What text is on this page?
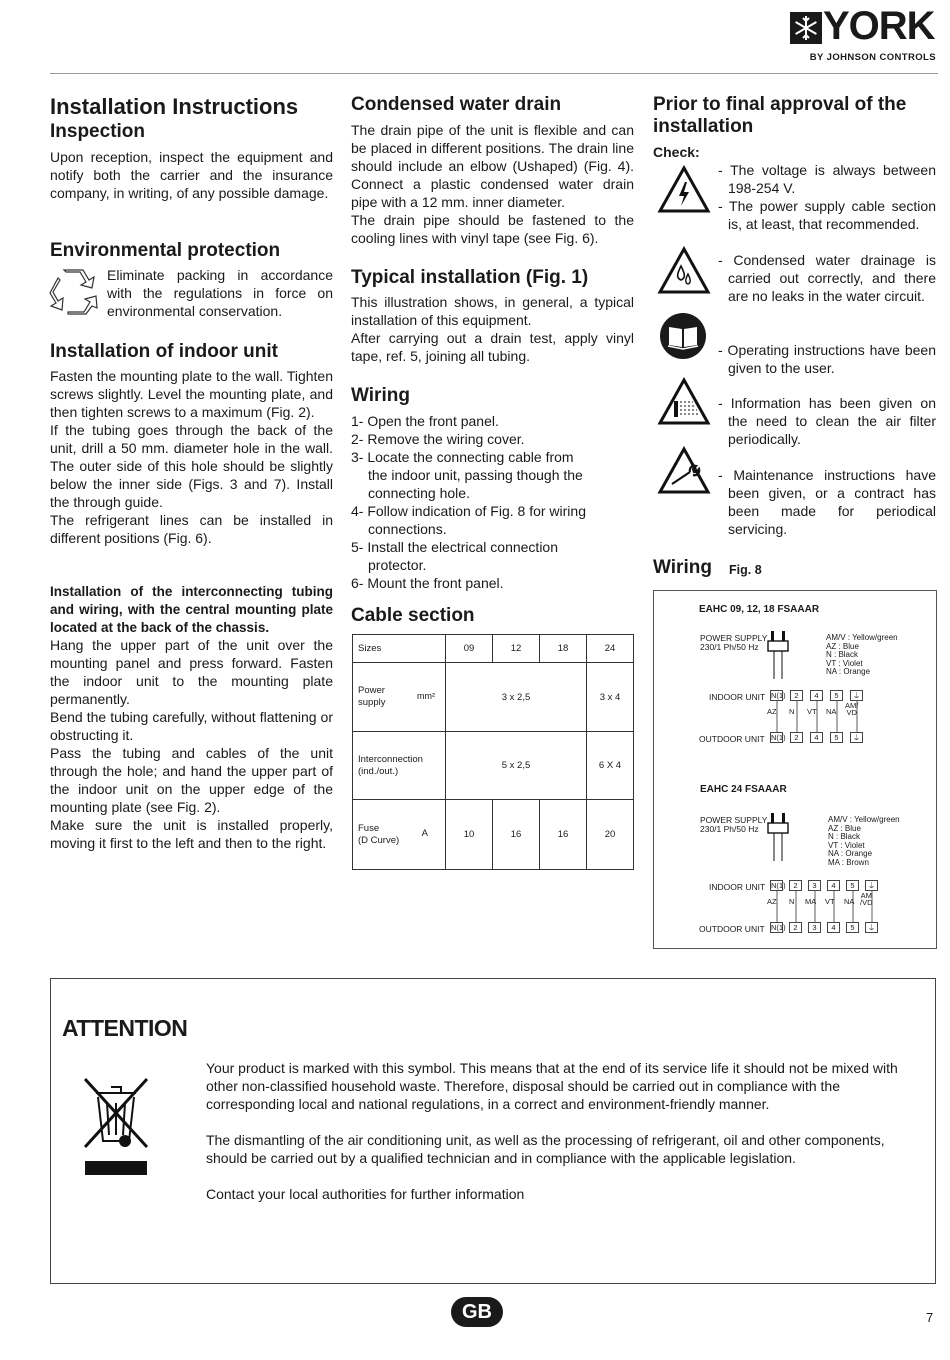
YORK
BY JOHNSON CONTROLS
Installation Instructions
Inspection
Upon reception, inspect the equipment and notify both the carrier and the insurance company, in writing, of any possible damage.
Environmental protection
Eliminate packing in accordance with the regulations in force on environmental conservation.
Installation of indoor unit
Fasten the mounting plate to the wall. Tighten screws slightly. Level the mounting plate, and then tighten screws to a maximum (Fig. 2).
If the tubing goes through the back of the unit, drill a 50 mm. diameter hole in the wall. The outer side of this hole should be slightly below the inner side (Figs. 3 and 7). Install the through guide.
The refrigerant lines can be installed in different positions (Fig. 6).
Installation of the interconnecting tubing and wiring, with the central mounting plate located at the back of the chassis.
Hang the upper part of the unit over the mounting panel and press forward. Fasten the indoor unit to the mounting plate permanently.
Bend the tubing carefully, without flattening or obstructing it.
Pass the tubing and cables of the unit through the hole; and hand the upper part of the indoor unit on the upper edge of the mounting plate (see Fig. 2).
Make sure the unit is installed properly, moving it first to the left and then to the right.
Condensed water drain
The drain pipe of the unit is flexible and can be placed in different positions. The drain line should include an elbow (Ushaped) (Fig. 4). Connect a plastic condensed water drain pipe with a 12 mm. inner diameter.
The drain pipe should be fastened to the cooling lines with vinyl tape (see Fig. 6).
Typical installation (Fig. 1)
This illustration shows, in general, a typical installation of this equipment.
After carrying out a drain test, apply vinyl tape, ref. 5, joining all tubing.
Wiring
1- Open the front panel.
2- Remove the wiring cover.
3- Locate the connecting cable from
the indoor unit, passing though the connecting hole.
4- Follow indication of Fig. 8 for wiring
connections.
5- Install the electrical connection
protector.
6- Mount the front panel.
Cable section
Sizes	09	12	18	24
Power
supply
mm²	3 x 2,5			3 x 4
Interconnection
(ind./out.)	5 x 2,5			6 X 4
Fuse
(D Curve)
A	10	16	16	20
Prior to final approval of the installation
Check:
- The voltage is always between 198-254 V.
- The power supply cable section is, at least, that recommended.
- Condensed water drainage is carried out correctly, and there are no leaks in the water circuit.
- Operating instructions have been given to the user.
- Information has been given on the need to clean the air filter periodically.
- Maintenance instructions have been given, or a contract has been made for periodical servicing.
Wiring Fig. 8
EAHC 09, 12, 18 FSAAAR
POWER SUPPLY
230/1 Ph/50 Hz
AM/V : Yellow/green
AZ : Blue
N : Black
VT : Violet
NA : Orange
INDOOR UNIT
OUTDOOR UNIT
N(1)	2	4	5	⏚
AZ N VT NA
AM/
VD
N(1)	2	4	5	⏚
EAHC 24 FSAAAR
POWER SUPPLY
230/1 Ph/50 Hz
AM/V : Yellow/green
AZ : Blue
N : Black
VT : Violet
NA : Orange
MA : Brown
INDOOR UNIT
OUTDOOR UNIT
N(1)	2	3	4	5	⏚
AZ N MA VT NA
AM
/VD
N(1)	2	3	4	5	⏚
ATTENTION
Your product is marked with this symbol. This means that at the end of its service life it should not be mixed with other non-classified household waste. Therefore, disposal should be carried out in compliance with the corresponding local and national regulations, in a correct and environment-friendly manner.
The dismantling of the air conditioning unit, as well as the processing of refrigerant, oil and other components, should be carried out by a qualified technician and in compliance with the applicable legislation.
Contact your local authorities for further information
GB	7
